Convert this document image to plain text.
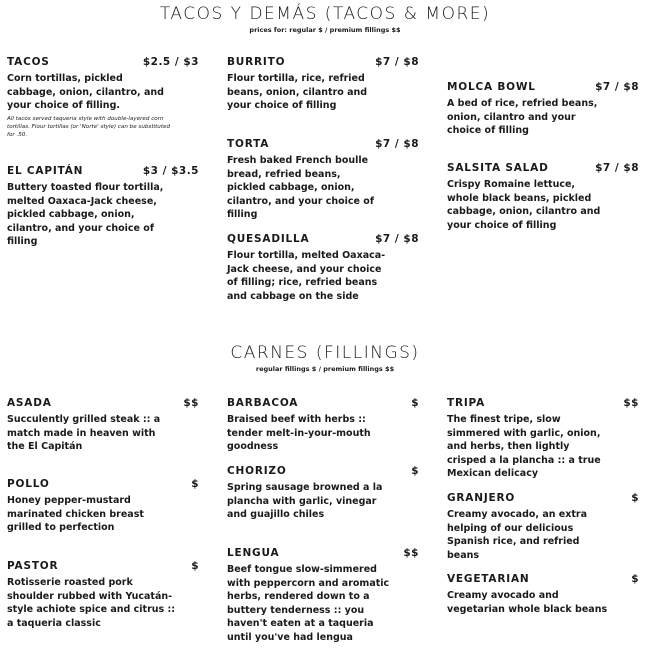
TACOS Y DEMÁS (TACOS & MORE)
prices for: regular $ / premium fillings $$
TACOS	$2.5 / $3
Corn tortillas, pickled cabbage, onion, cilantro, and your choice of filling.
All tacos served taqueria style with double-layered corn tortillas. Flour tortillas (or 'Norte' style) can be substituted for .50.
EL CAPITÁN	$3 / $3.5
Buttery toasted flour tortilla, melted Oaxaca-Jack cheese, pickled cabbage, onion, cilantro, and your choice of filling
BURRITO	$7 / $8
Flour tortilla, rice, refried beans, onion, cilantro and your choice of filling
TORTA	$7 / $8
Fresh baked French boulle bread, refried beans, pickled cabbage, onion, cilantro, and your choice of filling
QUESADILLA	$7 / $8
Flour tortilla, melted Oaxaca-Jack cheese, and your choice of filling; rice, refried beans and cabbage on the side
MOLCA BOWL	$7 / $8
A bed of rice, refried beans, onion, cilantro and your choice of filling
SALSITA SALAD	$7 / $8
Crispy Romaine lettuce, whole black beans, pickled cabbage, onion, cilantro and your choice of filling
CARNES (FILLINGS)
regular fillings $ / premium fillings $$
ASADA	$$
Succulently grilled steak :: a match made in heaven with the El Capitán
POLLO	$
Honey pepper-mustard marinated chicken breast grilled to perfection
PASTOR	$
Rotisserie roasted pork shoulder rubbed with Yucatán-style achiote spice and citrus :: a taqueria classic
BARBACOA	$
Braised beef with herbs :: tender melt-in-your-mouth goodness
CHORIZO	$
Spring sausage browned a la plancha with garlic, vinegar and guajillo chiles
LENGUA	$$
Beef tongue slow-simmered with peppercorn and aromatic herbs, rendered down to a buttery tenderness :: you haven't eaten at a taqueria until you've had lengua
TRIPA	$$
The finest tripe, slow simmered with garlic, onion, and herbs, then lightly crisped a la plancha :: a true Mexican delicacy
GRANJERO	$
Creamy avocado, an extra helping of our delicious Spanish rice, and refried beans
VEGETARIAN	$
Creamy avocado and vegetarian whole black beans
